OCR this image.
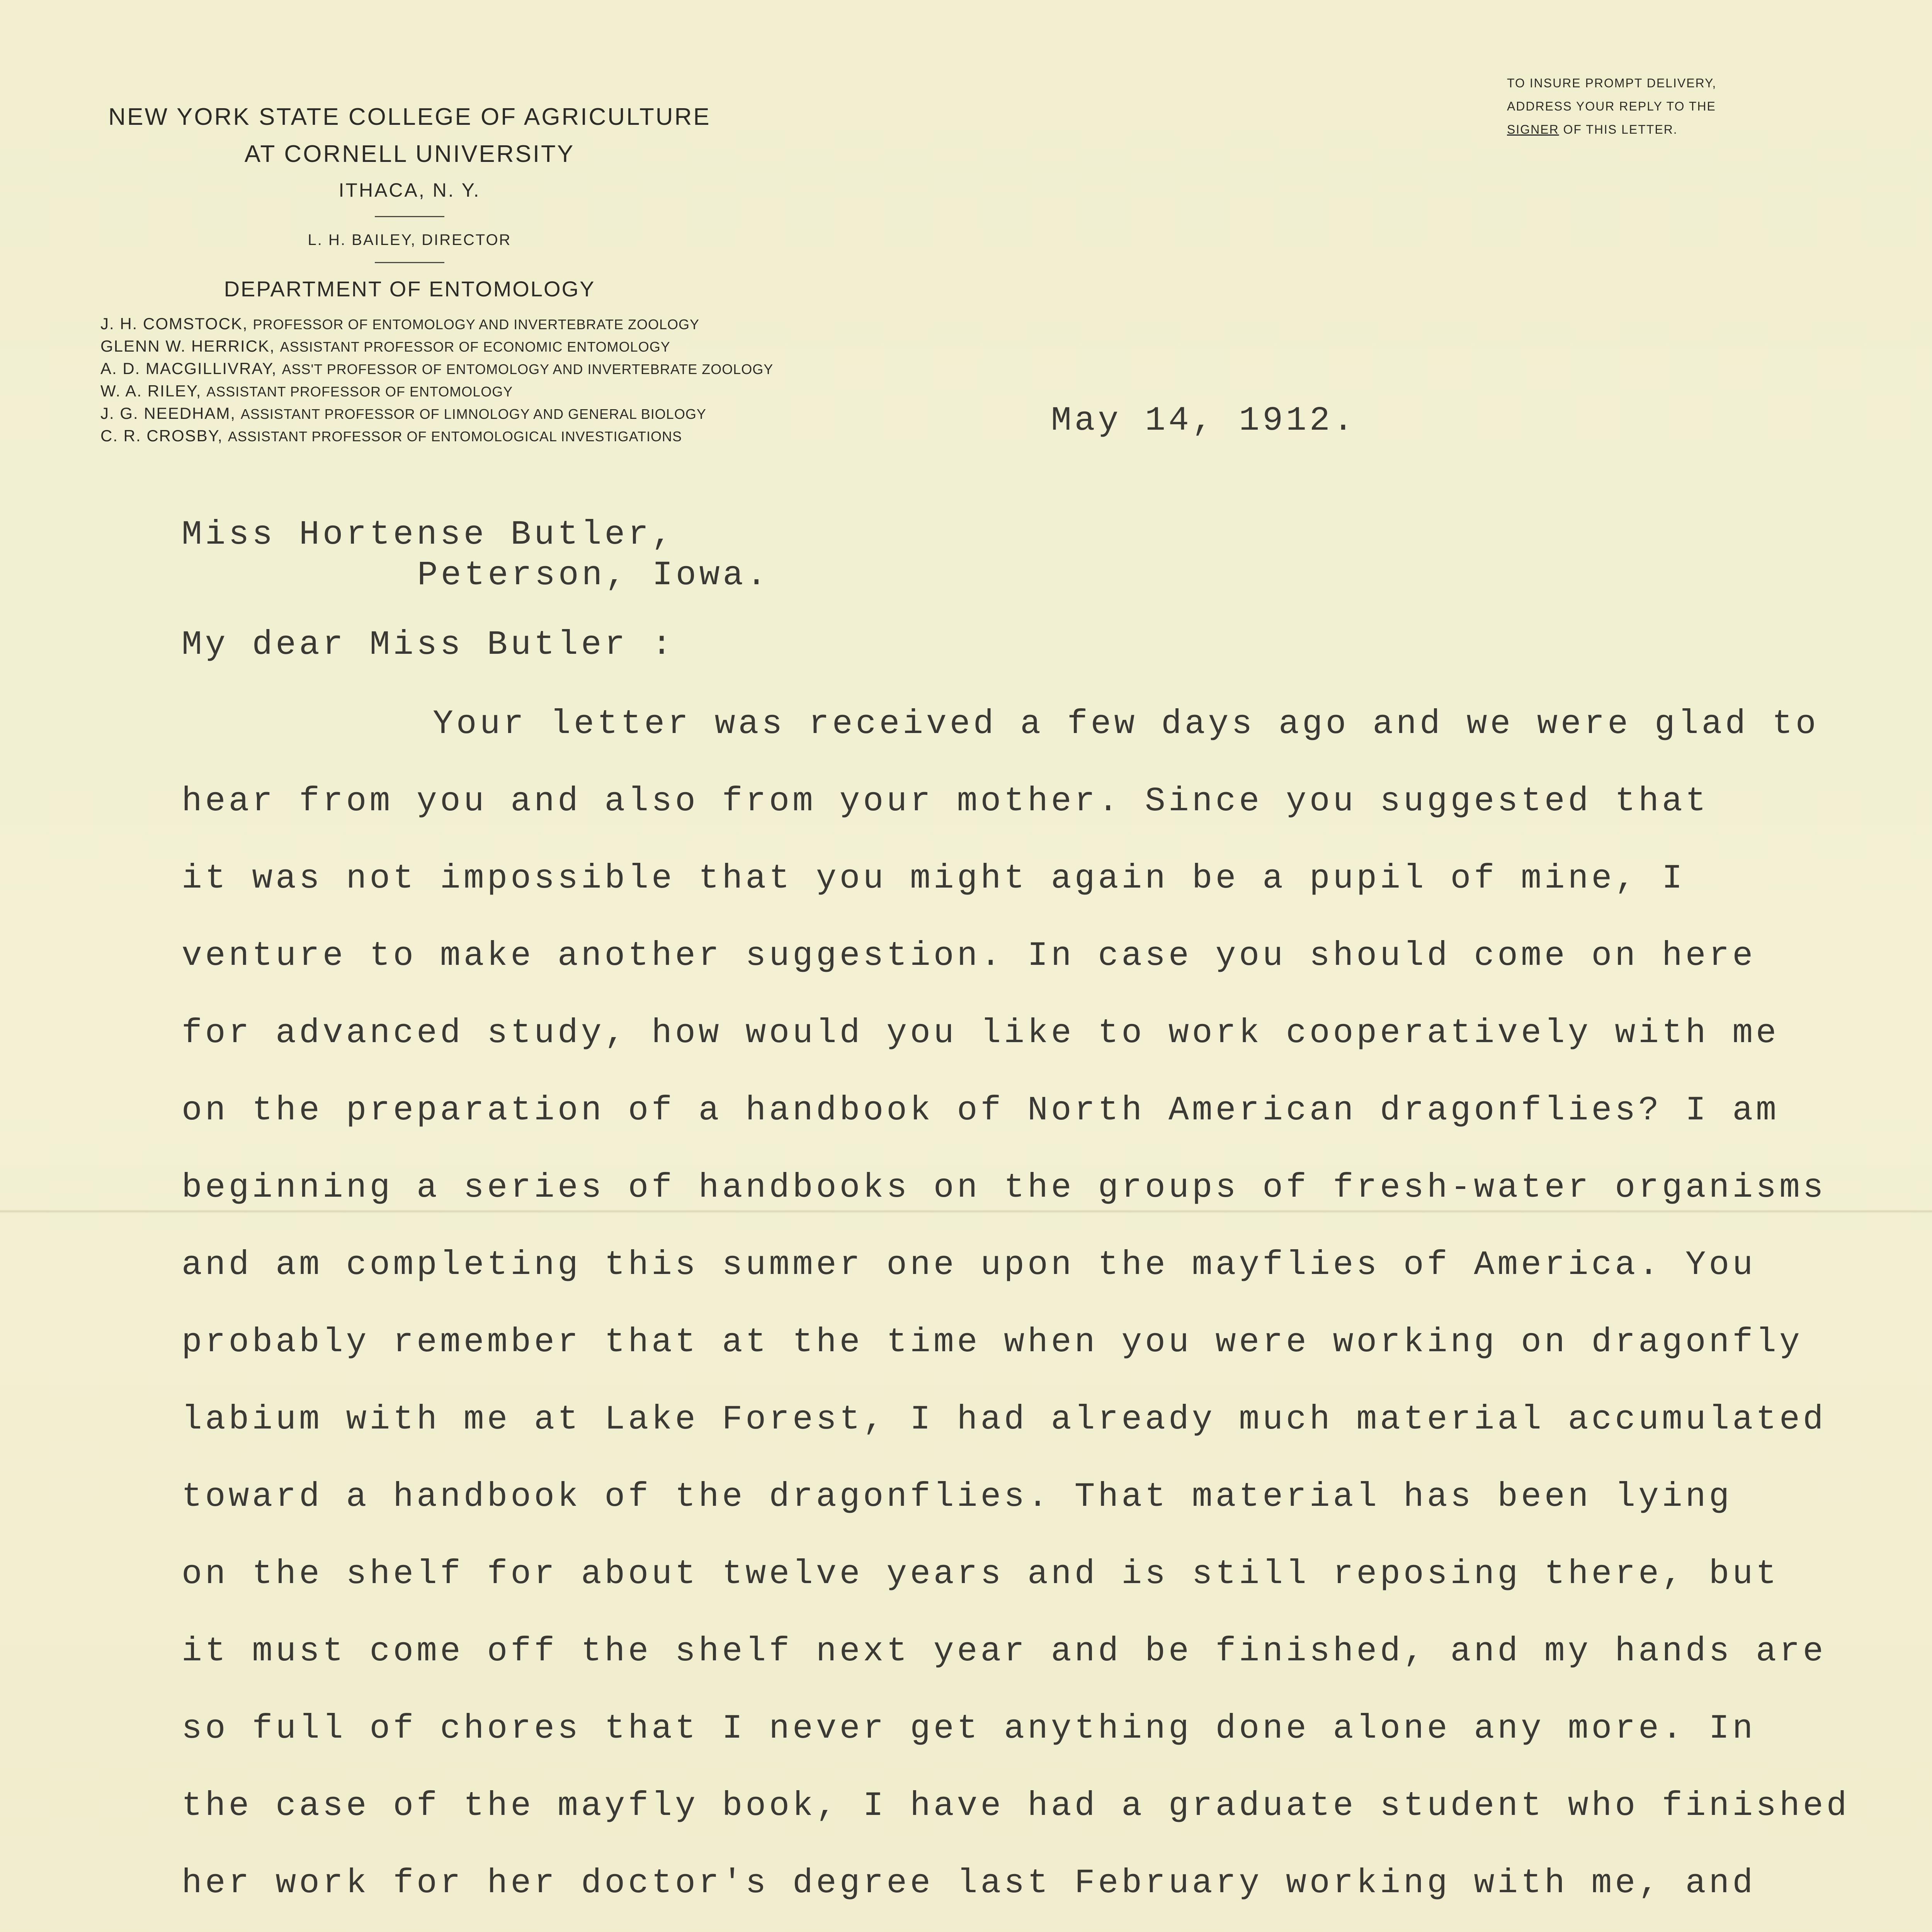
NEW YORK STATE COLLEGE OF AGRICULTURE
AT CORNELL UNIVERSITY
ITHACA, N. Y.
L. H. BAILEY, DIRECTOR
DEPARTMENT OF ENTOMOLOGY
J. H. COMSTOCK, PROFESSOR OF ENTOMOLOGY AND INVERTEBRATE ZOOLOGY
GLENN W. HERRICK, ASSISTANT PROFESSOR OF ECONOMIC ENTOMOLOGY
A. D. MACGILLIVRAY, ASS'T PROFESSOR OF ENTOMOLOGY AND INVERTEBRATE ZOOLOGY
W. A. RILEY, ASSISTANT PROFESSOR OF ENTOMOLOGY
J. G. NEEDHAM, ASSISTANT PROFESSOR OF LIMNOLOGY AND GENERAL BIOLOGY
C. R. CROSBY, ASSISTANT PROFESSOR OF ENTOMOLOGICAL INVESTIGATIONS
TO INSURE PROMPT DELIVERY,
ADDRESS YOUR REPLY TO THE
SIGNER OF THIS LETTER.
May 14, 1912.
Miss Hortense Butler,
Peterson, Iowa.
My dear Miss Butler :
Your letter was received a few days ago and we were glad to
hear from you and also from your mother. Since you suggested that
it was not impossible that you might again be a pupil of mine, I
venture to make another suggestion. In case you should come on here
for advanced study, how would you like to work cooperatively with me
on the preparation of a handbook of North American dragonflies? I am
beginning a series of handbooks on the groups of fresh-water organisms
and am completing this summer one upon the mayflies of America. You
probably remember that at the time when you were working on dragonfly
labium with me at Lake Forest, I had already much material accumulated
toward a handbook of the dragonflies. That material has been lying
on the shelf for about twelve years and is still reposing there, but
it must come off the shelf next year and be finished, and my hands are
so full of chores that I never get anything done alone any more. In
the case of the mayfly book, I have had a graduate student who finished
her work for her doctor's degree last February working with me, and
